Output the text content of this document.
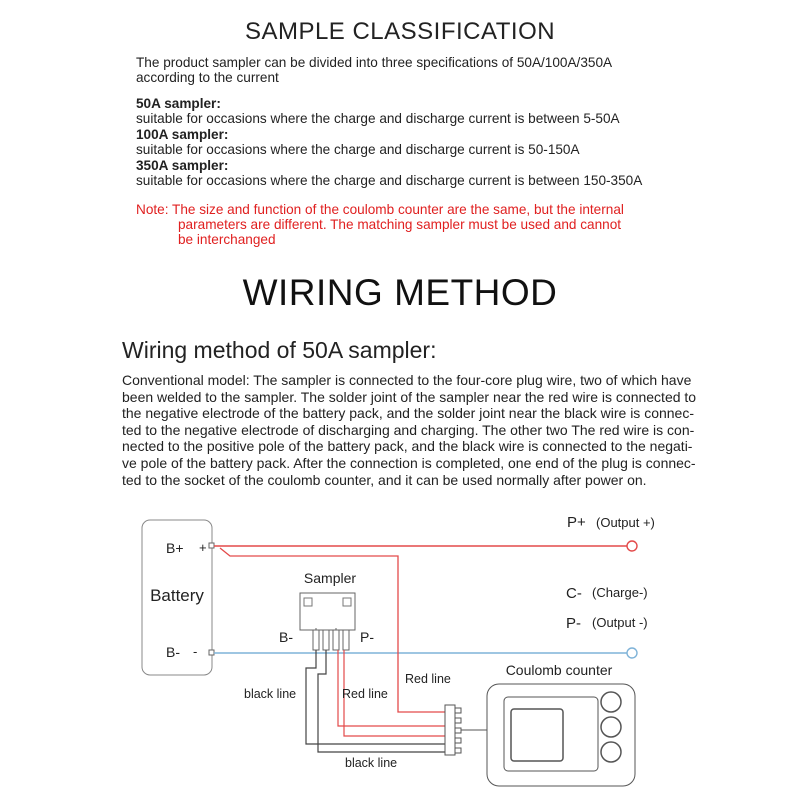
SAMPLE CLASSIFICATION
The product sampler can be divided into three specifications of 50A/100A/350A
according to the current
50A sampler:
suitable for occasions where the charge and discharge current is between 5-50A
100A sampler:
suitable for occasions where the charge and discharge current is 50-150A
350A sampler:
suitable for occasions where the charge and discharge current is between 150-350A
Note: The size and function of the coulomb counter are the same, but the internal
parameters are different. The matching sampler must be used and cannot
be interchanged
WIRING METHOD
Wiring method of 50A sampler:
Conventional model: The sampler is connected to the four-core plug wire, two of which have
been welded to the sampler. The solder joint of the sampler near the red wire is connected to
the negative electrode of the battery pack, and the solder joint near the black wire is connec-
ted to the negative electrode of discharging and charging. The other two The red wire is con-
nected to the positive pole of the battery pack, and the black wire is connected to the negati-
ve pole of the battery pack. After the connection is completed, one end of the plug is connec-
ted to the socket of the coulomb counter, and it can be used normally after power on.
Battery
B+ +
B- -
Sampler
B-	P-
Coulomb counter
P+ (Output +)
C- (Charge-)
P- (Output -)
Red line
Red line
black line
black line
